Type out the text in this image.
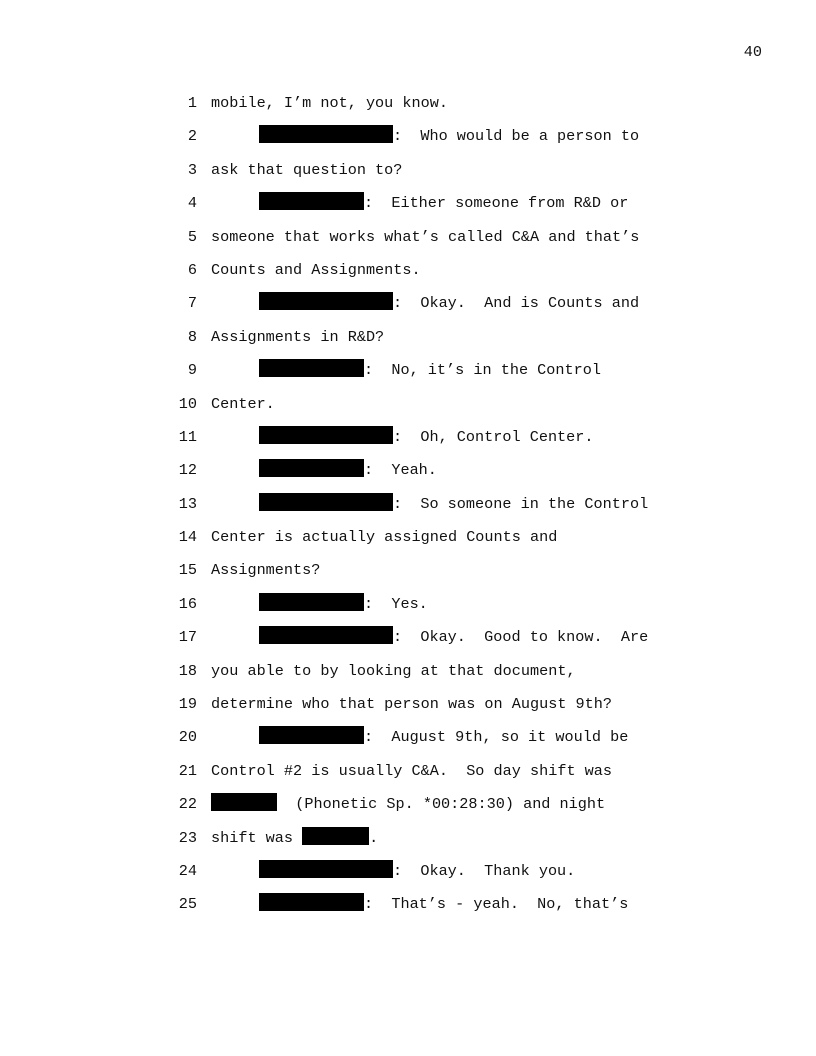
40
1 mobile, I’m not, you know.
2	:  Who would be a person to
3 ask that question to?
4	:  Either someone from R&D or
5 someone that works what’s called C&A and that’s
6 Counts and Assignments.
7	:  Okay.  And is Counts and
8 Assignments in R&D?
9	:  No, it’s in the Control
10 Center.
11	:  Oh, Control Center.
12	:  Yeah.
13	:  So someone in the Control
14 Center is actually assigned Counts and
15 Assignments?
16	:  Yes.
17	:  Okay.  Good to know.  Are
18 you able to by looking at that document,
19 determine who that person was on August 9th?
20	:  August 9th, so it would be
21 Control #2 is usually C&A.  So day shift was
22	(Phonetic Sp. *00:28:30) and night
23 shift was	.
24	:  Okay.  Thank you.
25	:  That’s - yeah.  No, that’s
